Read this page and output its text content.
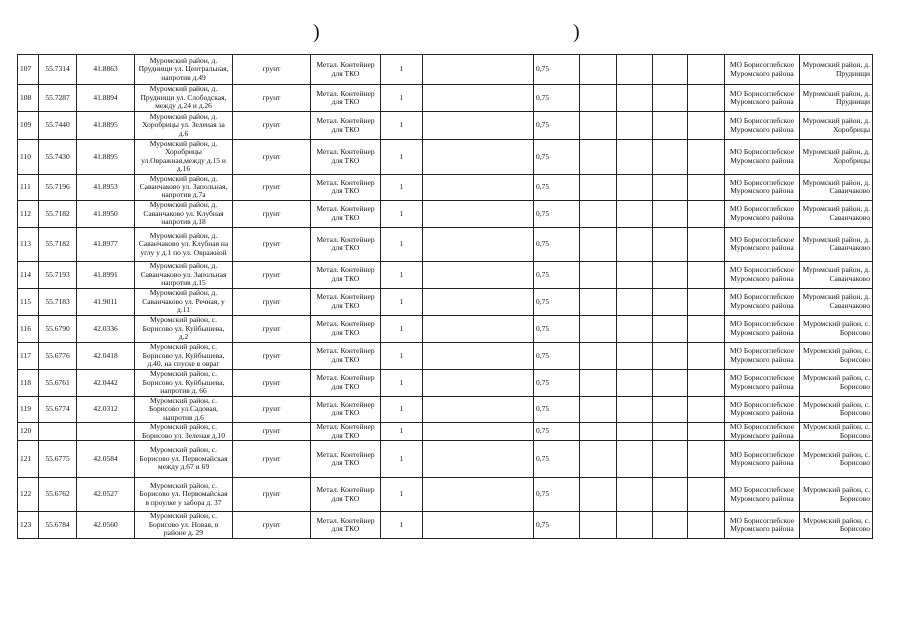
)	)
107	55.7314	41.8863	Муромский район, д. Пруднищи ул. Центральная, напротив д.49	грунт	Метал. Контейнер для ТКО	1		0,75					МО Борисоглебское Муромского района	Муромский район, д. Пруднищи
108	55.7287	41.8894	Муромский район, д. Пруднищи ул. Слободская, между д.24 и д.26	грунт	Метал. Контейнер для ТКО	1		0,75					МО Борисоглебское Муромского района	Муромский район, д. Пруднищи
109	55.7440	41.8895	Муромский район, д. Хоробрицы ул. Зеленая за д.6	грунт	Метал. Контейнер для ТКО	1		0,75					МО Борисоглебское Муромского района	Муромский район, д. Хоробрицы
110	55.7430	41.8895	Муромский район, д. Хоробрицы ул.Овражная,между д.15 и д.16	грунт	Метал. Контейнер для ТКО	1		0,75					МО Борисоглебское Муромского района	Муромский район, д. Хоробрицы
111	55.7196	41.8953	Муромский район, д. Саванчаково ул. Запольная, напротив д.7а	грунт	Метал. Контейнер для ТКО	1		0,75					МО Борисоглебское Муромского района	Муромский район, д. Саванчаково
112	55.7182	41.8950	Муромский район, д. Саванчаково ул. Клубная напротив д.18	грунт	Метал. Контейнер для ТКО	1		0,75					МО Борисоглебское Муромского района	Муромский район, д. Саванчаково
113	55.7182	41.8977	Муромский район, д. Саванчаково ул. Клубная на углу у д.1 по ул. Овражной	грунт	Метал. Контейнер для ТКО	1		0,75					МО Борисоглебское Муромского района	Муромский район, д. Саванчаково
114	55.7193	41.8991	Муромский район, д. Саванчаково ул. Запольная напротив д.15	грунт	Метал. Контейнер для ТКО	1		0,75					МО Борисоглебское Муромского района	Муромский район, д. Саванчаково
115	55.7183	41.9011	Муромский район, д. Саванчаково ул. Речная, у д.11	грунт	Метал. Контейнер для ТКО	1		0,75					МО Борисоглебское Муромского района	Муромский район, д. Саванчаково
116	55.6790	42.0336	Муромский район, с. Борисово ул. Куйбышева, д.2	грунт	Метал. Контейнер для ТКО	1		0,75					МО Борисоглебское Муромского района	Муромский район, с. Борисово
117	55.6776	42.0418	Муромский район, с. Борисово ул. Куйбышева, д.40, на спуске в овраг	грунт	Метал. Контейнер для ТКО	1		0,75					МО Борисоглебское Муромского района	Муромский район, с. Борисово
118	55.6761	42.0442	Муромский район, с. Борисово ул. Куйбышева, напротив д. 66	грунт	Метал. Контейнер для ТКО	1		0,75					МО Борисоглебское Муромского района	Муромский район, с. Борисово
119	55.6774	42.0312	Муромский район, с. Борисово ул.Садовая, напротив д.6	грунт	Метал. Контейнер для ТКО	1		0,75					МО Борисоглебское Муромского района	Муромский район, с. Борисово
120			Муромский район, с. Борисово ул. Зеленая д.10	грунт	Метал. Контейнер для ТКО	1		0,75					МО Борисоглебское Муромского района	Муромский район, с. Борисово
121	55.6775	42.0584	Муромский район, с. Борисово ул. Первомайская между д.67 и 69	грунт	Метал. Контейнер для ТКО	1		0,75					МО Борисоглебское Муромского района	Муромский район, с. Борисово
122	55.6762	42.0527	Муромский район, с. Борисово ул. Первомайская в проулке у забора д. 37	грунт	Метал. Контейнер для ТКО	1		0,75					МО Борисоглебское Муромского района	Муромский район, с. Борисово
123	55.6784	42.0560	Муромский район, с. Борисово ул. Новая, в районе д. 29	грунт	Метал. Контейнер для ТКО	1		0,75					МО Борисоглебское Муромского района	Муромский район, с. Борисово
